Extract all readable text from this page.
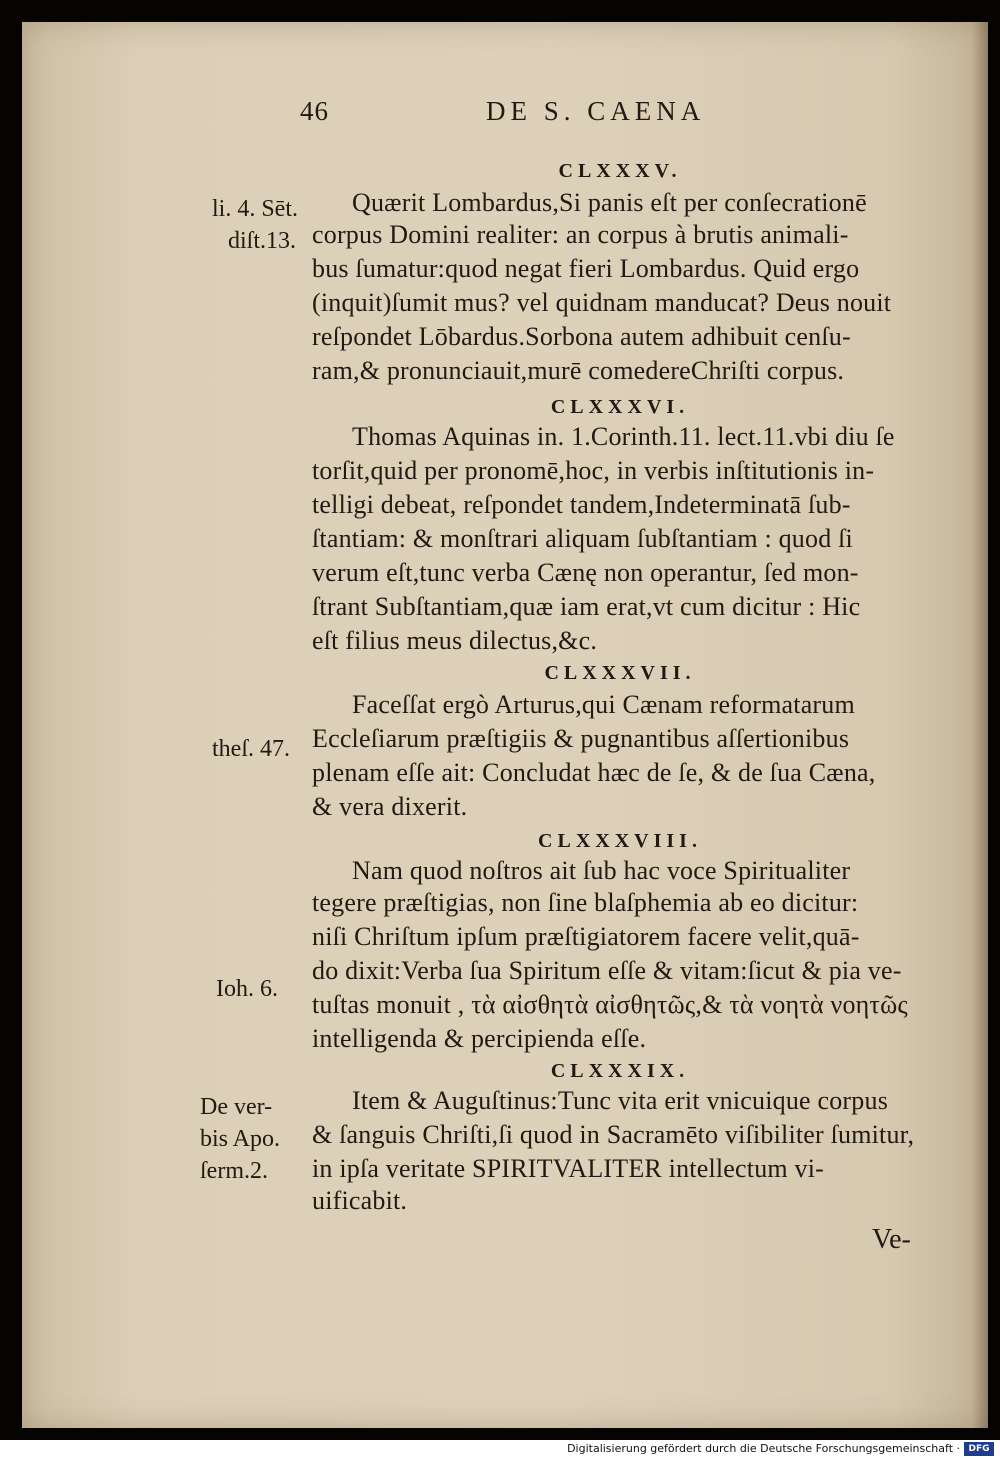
46	DE S. CAENA
CLXXXV.
Quærit Lombardus,Si panis eſt per conſecrationē
corpus Domini realiter: an corpus à brutis animali-
bus ſumatur:quod negat fieri Lombardus. Quid ergo
(inquit)ſumit mus? vel quidnam manducat? Deus nouit
reſpondet Lōbardus.Sorbona autem adhibuit cenſu-
ram,& pronunciauit,murē comedereChriſti corpus.
li. 4. Sēt.
diſt.13.
CLXXXVI.
Thomas Aquinas in. 1.Corinth.11. lect.11.vbi diu ſe
torſit,quid per pronomē,hoc, in verbis inſtitutionis in-
telligi debeat, reſpondet tandem,Indeterminatā ſub-
ſtantiam: & monſtrari aliquam ſubſtantiam : quod ſi
verum eſt,tunc verba Cænę non operantur, ſed mon-
ſtrant Subſtantiam,quæ iam erat,vt cum dicitur : Hic
eſt filius meus dilectus,&c.
CLXXXVII.
Faceſſat ergò Arturus,qui Cænam reformatarum
Eccleſiarum præſtigiis & pugnantibus aſſertionibus
plenam eſſe ait: Concludat hæc de ſe, & de ſua Cæna,
& vera dixerit.
theſ. 47.
CLXXXVIII.
Nam quod noſtros ait ſub hac voce Spiritualiter
tegere præſtigias, non ſine blaſphemia ab eo dicitur:
niſi Chriſtum ipſum præſtigiatorem facere velit,quā-
do dixit:Verba ſua Spiritum eſſe & vitam:ſicut & pia ve-
tuſtas monuit , τὰ αἰσθητὰ αἰσθητῶς,& τὰ νοητὰ νοητῶς
intelligenda & percipienda eſſe.
Ioh. 6.
CLXXXIX.
Item & Auguſtinus:Tunc vita erit vnicuique corpus
& ſanguis Chriſti,ſi quod in Sacramēto viſibiliter ſumitur,
in ipſa veritate SPIRITVALITER intellectum vi-
uificabit.
De ver-
bis Apo.
ſerm.2.
Ve-
Digitalisierung gefördert durch die Deutsche Forschungsgemeinschaft · DFG
